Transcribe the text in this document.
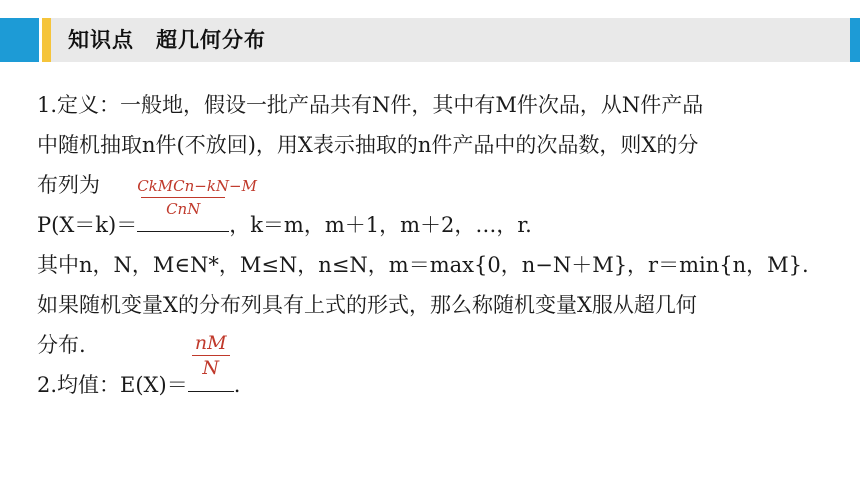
知识点　超几何分布
1.定义：一般地，假设一批产品共有N件，其中有M件次品，从N件产品
中随机抽取n件(不放回)，用X表示抽取的n件产品中的次品数，则X的分
布列为
P(X＝k)＝
CkMCn−kN−M
CnN
，k＝m，m＋1，m＋2，…，r.
其中n，N，M∈N*，M≤N，n≤N，m＝max{0，n−N＋M}，r＝min{n，M}.
如果随机变量X的分布列具有上式的形式，那么称随机变量X服从超几何
分布.
2.均值：E(X)＝
nM
N
.
